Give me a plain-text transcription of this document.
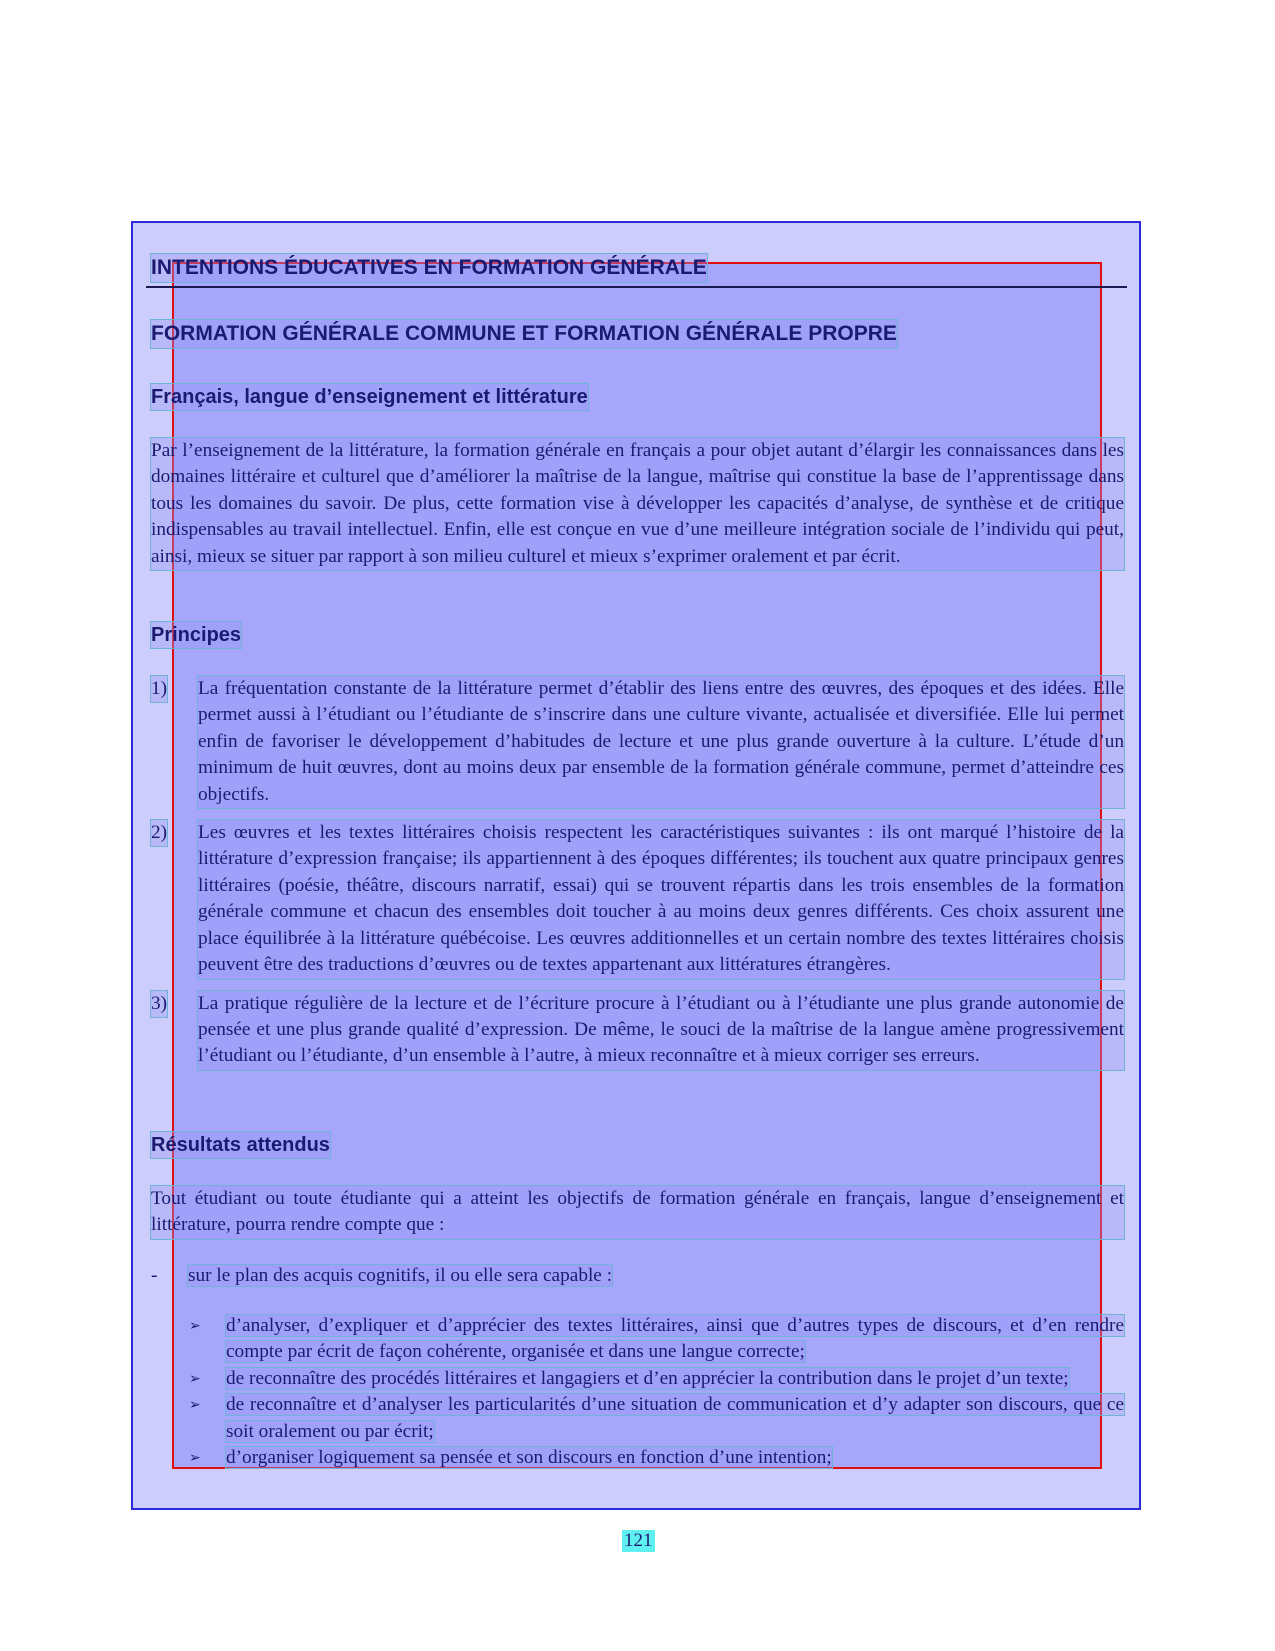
INTENTIONS ÉDUCATIVES EN FORMATION GÉNÉRALE
FORMATION GÉNÉRALE COMMUNE ET FORMATION GÉNÉRALE PROPRE
Français, langue d’enseignement et littérature

Par l’enseignement de la littérature, la formation générale en français a pour objet autant d’élargir les connaissances dans les domaines littéraire et culturel que d’améliorer la maîtrise de la langue, maîtrise qui constitue la base de l’apprentissage dans tous les domaines du savoir. De plus, cette formation vise à développer les capacités d’analyse, de synthèse et de critique indispensables au travail intellectuel. Enfin, elle est conçue en vue d’une meilleure intégration sociale de l’individu qui peut, ainsi, mieux se situer par rapport à son milieu culturel et mieux s’exprimer oralement et par écrit.

Principes
1) La fréquentation constante de la littérature permet d’établir des liens entre des œuvres, des époques et des idées. Elle permet aussi à l’étudiant ou l’étudiante de s’inscrire dans une culture vivante, actualisée et diversifiée. Elle lui permet enfin de favoriser le développement d’habitudes de lecture et une plus grande ouverture à la culture. L’étude d’un minimum de huit œuvres, dont au moins deux par ensemble de la formation générale commune, permet d’atteindre ces objectifs.
2) Les œuvres et les textes littéraires choisis respectent les caractéristiques suivantes : ils ont marqué l’histoire de la littérature d’expression française; ils appartiennent à des époques différentes; ils touchent aux quatre principaux genres littéraires (poésie, théâtre, discours narratif, essai) qui se trouvent répartis dans les trois ensembles de la formation générale commune et chacun des ensembles doit toucher à au moins deux genres différents. Ces choix assurent une place équilibrée à la littérature québécoise. Les œuvres additionnelles et un certain nombre des textes littéraires choisis peuvent être des traductions d’œuvres ou de textes appartenant aux littératures étrangères.
3) La pratique régulière de la lecture et de l’écriture procure à l’étudiant ou à l’étudiante une plus grande autonomie de pensée et une plus grande qualité d’expression. De même, le souci de la maîtrise de la langue amène progressivement l’étudiant ou l’étudiante, d’un ensemble à l’autre, à mieux reconnaître et à mieux corriger ses erreurs.
Résultats attendus

Tout étudiant ou toute étudiante qui a atteint les objectifs de formation générale en français, langue d’enseignement et littérature, pourra rendre compte que :

- sur le plan des acquis cognitifs, il ou elle sera capable :
➢ d’analyser, d’expliquer et d’apprécier des textes littéraires, ainsi que d’autres types de discours, et d’en rendre compte par écrit de façon cohérente, organisée et dans une langue correcte;
➢ de reconnaître des procédés littéraires et langagiers et d’en apprécier la contribution dans le projet d’un texte;
➢ de reconnaître et d’analyser les particularités d’une situation de communication et d’y adapter son discours, que ce soit oralement ou par écrit;
➢ d’organiser logiquement sa pensée et son discours en fonction d’une intention;
121
